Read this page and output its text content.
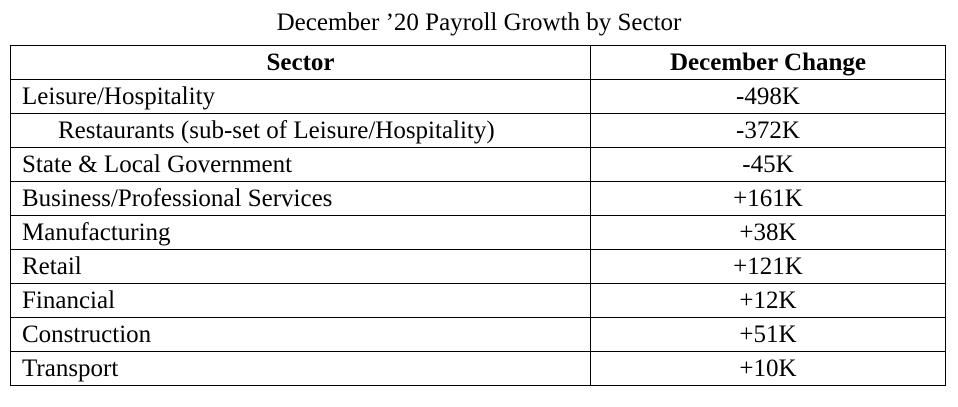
December ’20 Payroll Growth by Sector
Sector	December Change
Leisure/Hospitality	-498K
Restaurants (sub-set of Leisure/Hospitality)	-372K
State & Local Government	-45K
Business/Professional Services	+161K
Manufacturing	+38K
Retail	+121K
Financial	+12K
Construction	+51K
Transport	+10K
